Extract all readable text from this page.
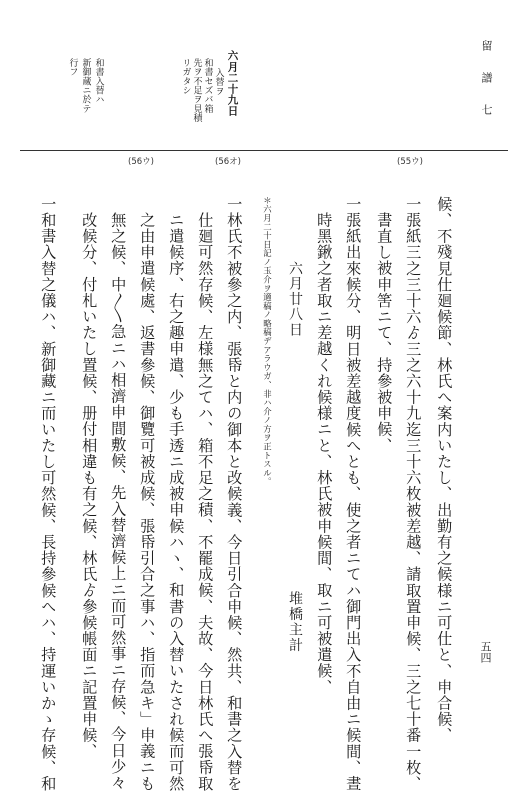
留 譜 七
五四
六月二十九日
入替ヲ
和書セズバ箱
先ヲ不足ヲ見積
リガタシ
和書入替ハ
新御蔵ニ於テ
行フ
(56ウ)	(56オ)	(55ウ)
候、不殘見仕廻候節、林氏へ案内いたし、出勤有之候様ニ可仕と、申合候、
一張紙三之三十六ゟ三之六十九迄三十六枚被差越、請取置申候、三之七十番一枚、
書直し被申筈ニて、持參被申候、
一張紙出來候分、明日被差越度候へとも、使之者ニてハ御門出入不自由ニ候間、晝
時黑鍬之者取ニ差越くれ候様ニと、林氏被申候間、取ニ可被遣候、
六月廿八日
堆橋主計
＊六月二十日記ノ玉介ヲ適稿ノ略稿デアラウガ、非ハ介ノ方ヲ正トスル。
一林氏不被參之内、張帋と内の御本と改候義、今日引合申候、然共、和書之入替を
仕廻可然存候、左様無之てハ、箱不足之積、不罷成候、夫故、今日林氏へ張帋取
ニ遣候序、右之趣申遣、少も手透ニ成被申候ハヽ、和書の入替いたされ候而可然
之由申遣候處、返書參候、御覽可被成候、張帋引合之事ハ、指而急キ」申義ニも
無之候、中〳〵急ニハ相濟申間敷候、先入替濟候上ニ而可然事ニ存候、今日少々
改候分、付札いたし置候、册付相違も有之候、林氏ゟ參候帳面ニ記置申候、
一和書入替之儀ハ、新御藏ニ而いたし可然候、長持參候へハ、持運いかゝ存候、和
